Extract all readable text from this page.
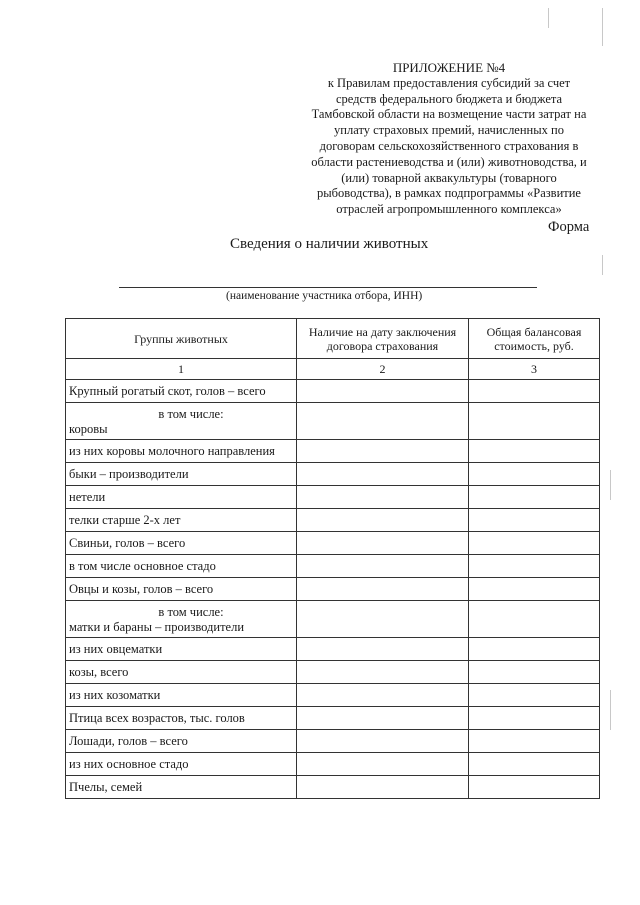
ПРИЛОЖЕНИЕ №4
к Правилам предоставления субсидий за счет
средств федерального бюджета и бюджета
Тамбовской области на возмещение части затрат на
уплату страховых премий, начисленных по
договорам сельскохозяйственного страхования в
области растениеводства и (или) животноводства, и
(или) товарной аквакультуры (товарного
рыбоводства), в рамках подпрограммы «Развитие
отраслей агропромышленного комплекса»
Форма
Сведения о наличии животных
(наименование участника отбора, ИНН)
Группы животных	Наличие на дату заключения договора страхования	Общая балансовая стоимость, руб.
1	2	3
Крупный рогатый скот, голов – всего		

в том числе:
коровы		

из них коровы молочного направления		
быки – производители		
нетели		
телки старше 2-х лет		
Свиньи, голов – всего		
в том числе основное стадо		
Овцы и козы, голов – всего		

в том числе:
матки и бараны – производители		

из них овцематки		
козы, всего		
из них козоматки		
Птица всех возрастов, тыс. голов		
Лошади, голов – всего		
из них основное стадо		
Пчелы, семей		
